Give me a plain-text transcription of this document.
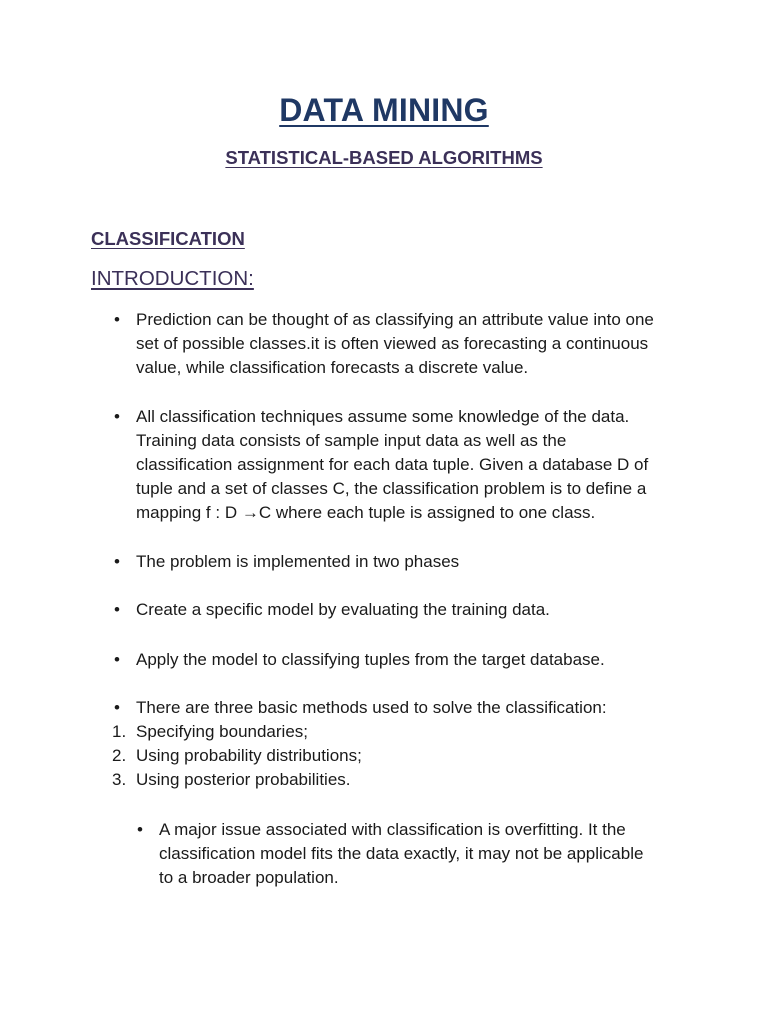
DATA MINING
STATISTICAL-BASED ALGORITHMS
CLASSIFICATION
INTRODUCTION:
• Prediction can be thought of as classifying an attribute value into one
set of possible classes.it is often viewed as forecasting a continuous
value, while classification forecasts a discrete value.
• All classification techniques assume some knowledge of the data.
Training data consists of sample input data as well as the
classification assignment for each data tuple. Given a database D of
tuple and a set of classes C, the classification problem is to define a
mapping f : D →C where each tuple is assigned to one class.
• The problem is implemented in two phases
• Create a specific model by evaluating the training data.
• Apply the model to classifying tuples from the target database.
• There are three basic methods used to solve the classification:
1. Specifying boundaries;
2. Using probability distributions;
3. Using posterior probabilities.
• A major issue associated with classification is overfitting. It the
classification model fits the data exactly, it may not be applicable
to a broader population.
